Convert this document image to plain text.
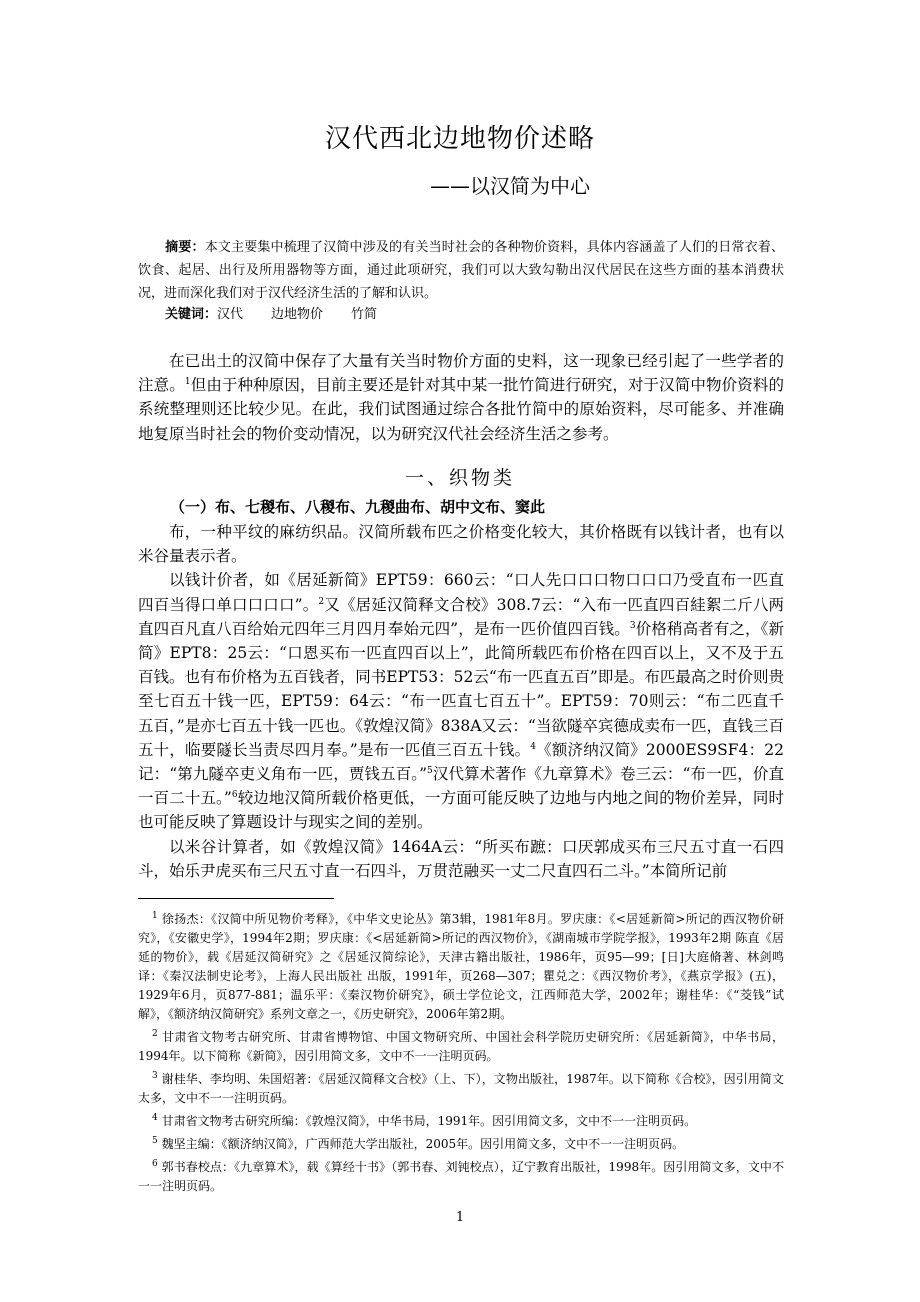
汉代西北边地物价述略
——以汉简为中心
摘要：本文主要集中梳理了汉简中涉及的有关当时社会的各种物价资料，具体内容涵盖了人们的日常衣着、饮食、起居、出行及所用器物等方面，通过此项研究，我们可以大致勾勒出汉代居民在这些方面的基本消费状况，进而深化我们对于汉代经济生活的了解和认识。
关键词：汉代 边地物价 竹简

在已出土的汉简中保存了大量有关当时物价方面的史料，这一现象已经引起了一些学者的注意。$^1$但由于种种原因，目前主要还是针对其中某一批竹简进行研究，对于汉简中物价资料的系统整理则还比较少见。在此，我们试图通过综合各批竹简中的原始资料，尽可能多、并准确地复原当时社会的物价变动情况，以为研究汉代社会经济生活之参考。

一、织物类
（一）布、七稯布、八稯布、九稯曲布、胡中文布、窦此

布，一种平纹的麻纺织品。汉简所载布匹之价格变化较大，其价格既有以钱计者，也有以米谷量表示者。

以钱计价者，如《居延新简》EPT59：660云：“口人先口口口物口口口乃受直布一匹直四百当得口单口口口口”。$^2$又《居延汉简释文合校》308.7云：“入布一匹直四百絓絮二斤八两直四百凡直八百给始元四年三月四月奉始元四”，是布一匹价值四百钱。$^3$价格稍高者有之，《新简》EPT8：25云：“口恩买布一匹直四百以上”，此简所载匹布价格在四百以上，又不及于五百钱。也有布价格为五百钱者，同书EPT53：52云“布一匹直五百”即是。布匹最高之时价则贵至七百五十钱一匹，EPT59：64云：“布一匹直七百五十”。EPT59：70则云：“布二匹直千五百，”是亦七百五十钱一匹也。《敦煌汉简》838A又云：“当欲隧卒宾德成卖布一匹，直钱三百五十，临要隧长当责尽四月奉。”是布一匹值三百五十钱。$^4$《额济纳汉简》2000ES9SF4：22记：“第九隧卒吏义角布一匹，贾钱五百。”$^5$汉代算术著作《九章算术》卷三云：“布一匹，价直一百二十五。”$^6$较边地汉简所载价格更低，一方面可能反映了边地与内地之间的物价差异，同时也可能反映了算题设计与现实之间的差别。

以米谷计算者，如《敦煌汉简》1464A云：“所买布蹠：口厌郭成买布三尺五寸直一石四斗，始乐尹虎买布三尺五寸直一石四斗，万贯范融买一丈二尺直四石二斗。”本简所记前

$^1$ 徐扬杰：《汉简中所见物价考释》，《中华文史论丛》第3辑，1981年8月。罗庆康：《<居延新简>所记的西汉物价研究》，《安徽史学》，1994年2期；罗庆康：《<居延新简>所记的西汉物价》，《湖南城市学院学报》，1993年2期 陈直《居延的物价》，载《居延汉简研究》之《居延汉简综论》，天津古籍出版社，1986年，页95—99；[日]大庭脩著、林剑鸣译：《秦汉法制史论考》，上海人民出版社 出版，1991年，页268—307；瞿兑之：《西汉物价考》，《燕京学报》(五)，1929年6月，页877-881；温乐平：《秦汉物价研究》，硕士学位论文，江西师范大学，2002年；谢桂华：《“茭钱”试解》，《额济纳汉简研究》系列文章之一，《历史研究》，2006年第2期。

$^2$ 甘肃省文物考古研究所、甘肃省博物馆、中国文物研究所、中国社会科学院历史研究所：《居延新简》，中华书局，1994年。以下简称《新简》，因引用简文多，文中不一一注明页码。

$^3$ 谢桂华、李均明、朱国炤著：《居延汉简释文合校》（上、下），文物出版社，1987年。以下简称《合校》，因引用简文太多，文中不一一注明页码。

$^4$ 甘肃省文物考古研究所编：《敦煌汉简》，中华书局，1991年。因引用简文多，文中不一一注明页码。

$^5$ 魏坚主编：《额济纳汉简》，广西师范大学出版社，2005年。因引用简文多，文中不一一注明页码。

$^6$ 郭书春校点：《九章算术》，载《算经十书》（郭书春、刘钝校点），辽宁教育出版社，1998年。因引用简文多，文中不一一注明页码。

1
